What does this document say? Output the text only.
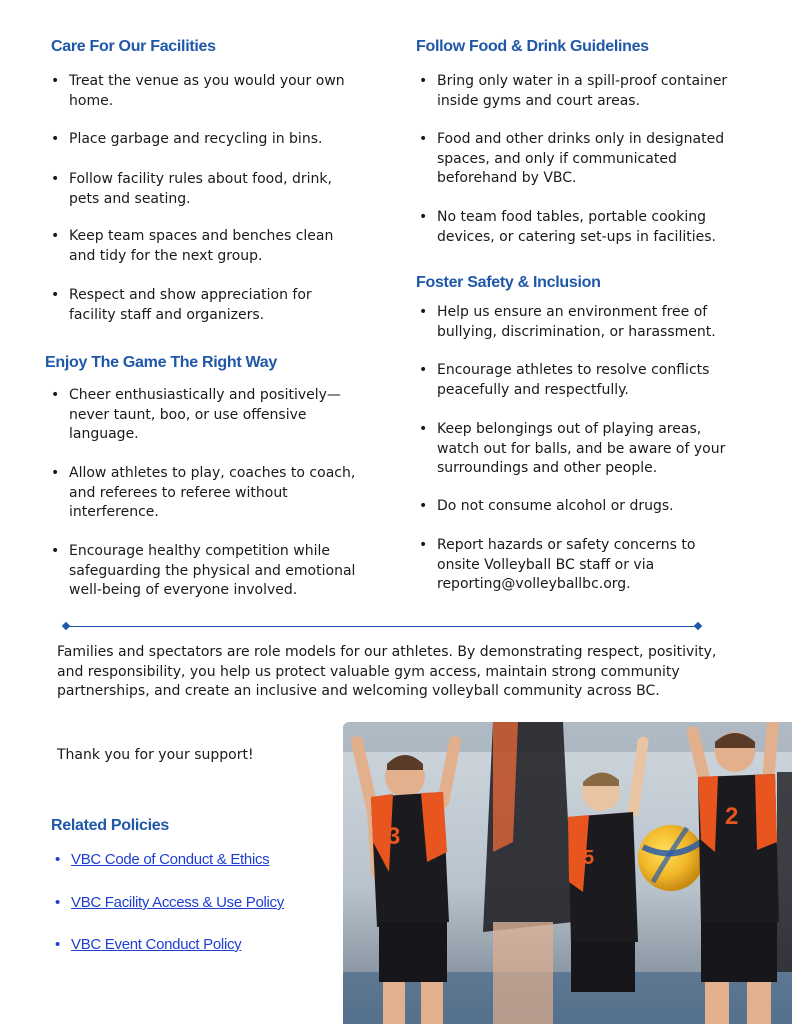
Care For Our Facilities
• Treat the venue as you would your own home.
• Place garbage and recycling in bins.
• Follow facility rules about food, drink, pets and seating.
• Keep team spaces and benches clean and tidy for the next group.
• Respect and show appreciation for facility staff and organizers.
Enjoy The Game The Right Way
• Cheer enthusiastically and positively—never taunt, boo, or use offensive language.
• Allow athletes to play, coaches to coach, and referees to referee without interference.
• Encourage healthy competition while safeguarding the physical and emotional well-being of everyone involved.
Follow Food & Drink Guidelines
• Bring only water in a spill-proof container inside gyms and court areas.
• Food and other drinks only in designated spaces, and only if communicated beforehand by VBC.
• No team food tables, portable cooking devices, or catering set-ups in facilities.
Foster Safety & Inclusion
• Help us ensure an environment free of bullying, discrimination, or harassment.
• Encourage athletes to resolve conflicts peacefully and respectfully.
• Keep belongings out of playing areas, watch out for balls, and be aware of your surroundings and other people.
• Do not consume alcohol or drugs.
• Report hazards or safety concerns to onsite Volleyball BC staff or via reporting@volleyballbc.org.

Families and spectators are role models for our athletes. By demonstrating respect, positivity, and responsibility, you help us protect valuable gym access, maintain strong community partnerships, and create an inclusive and welcoming volleyball community across BC.

Thank you for your support!

Related Policies
• VBC Code of Conduct & Ethics
• VBC Facility Access & Use Policy
• VBC Event Conduct Policy
3
5
2
